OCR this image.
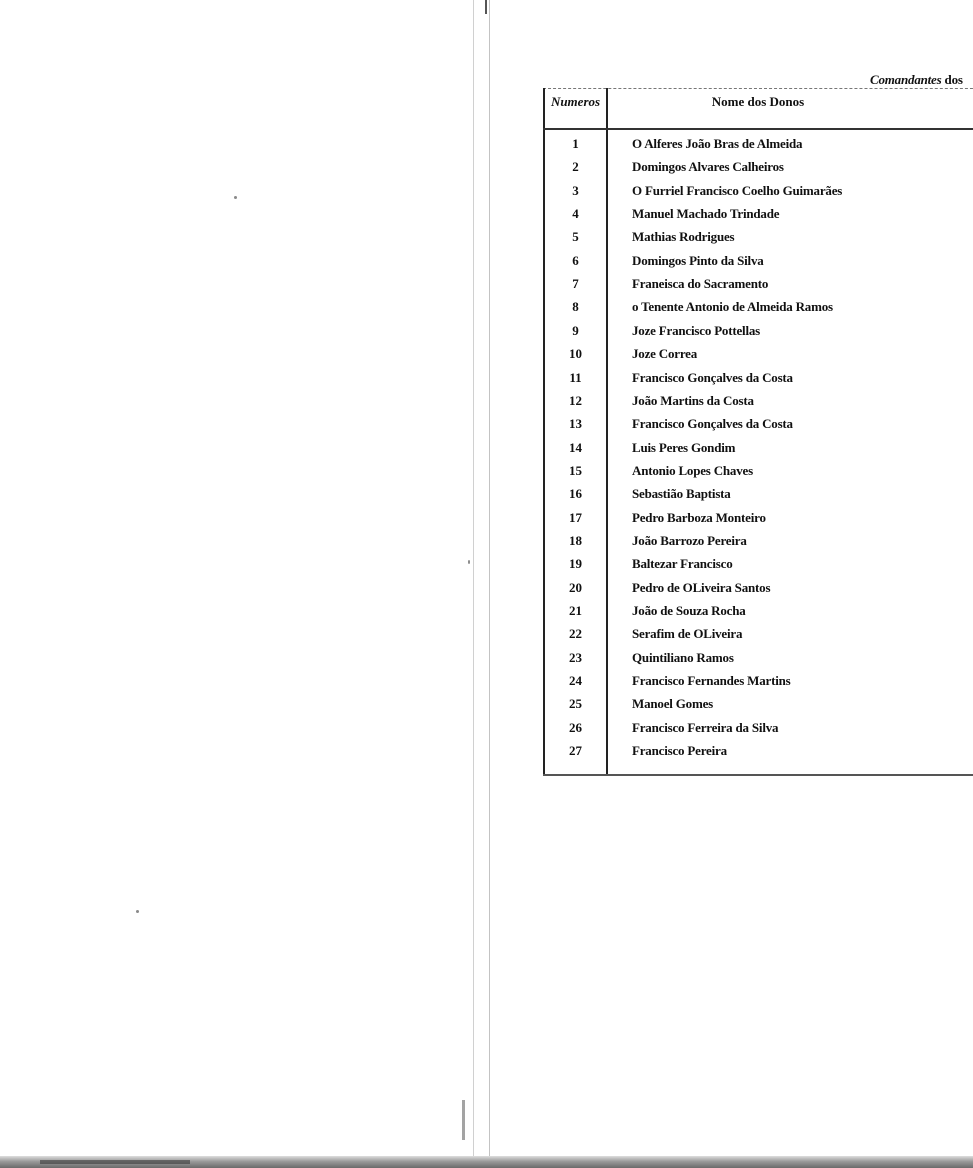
Comandantes dos
Numeros	Nome dos Donos
1	O Alferes João Bras de Almeida
2	Domingos Alvares Calheiros
3	O Furriel Francisco Coelho Guimarães
4	Manuel Machado Trindade
5	Mathias Rodrigues
6	Domingos Pinto da Silva
7	Franeisca do Sacramento
8	o Tenente Antonio de Almeida Ramos
9	Joze Francisco Pottellas
10	Joze Correa
11	Francisco Gonçalves da Costa
12	João Martins da Costa
13	Francisco Gonçalves da Costa
14	Luis Peres Gondim
15	Antonio Lopes Chaves
16	Sebastião Baptista
17	Pedro Barboza Monteiro
18	João Barrozo Pereira
19	Baltezar Francisco
20	Pedro de OLiveira Santos
21	João de Souza Rocha
22	Serafim de OLiveira
23	Quintiliano Ramos
24	Francisco Fernandes Martins
25	Manoel Gomes
26	Francisco Ferreira da Silva
27	Francisco Pereira
